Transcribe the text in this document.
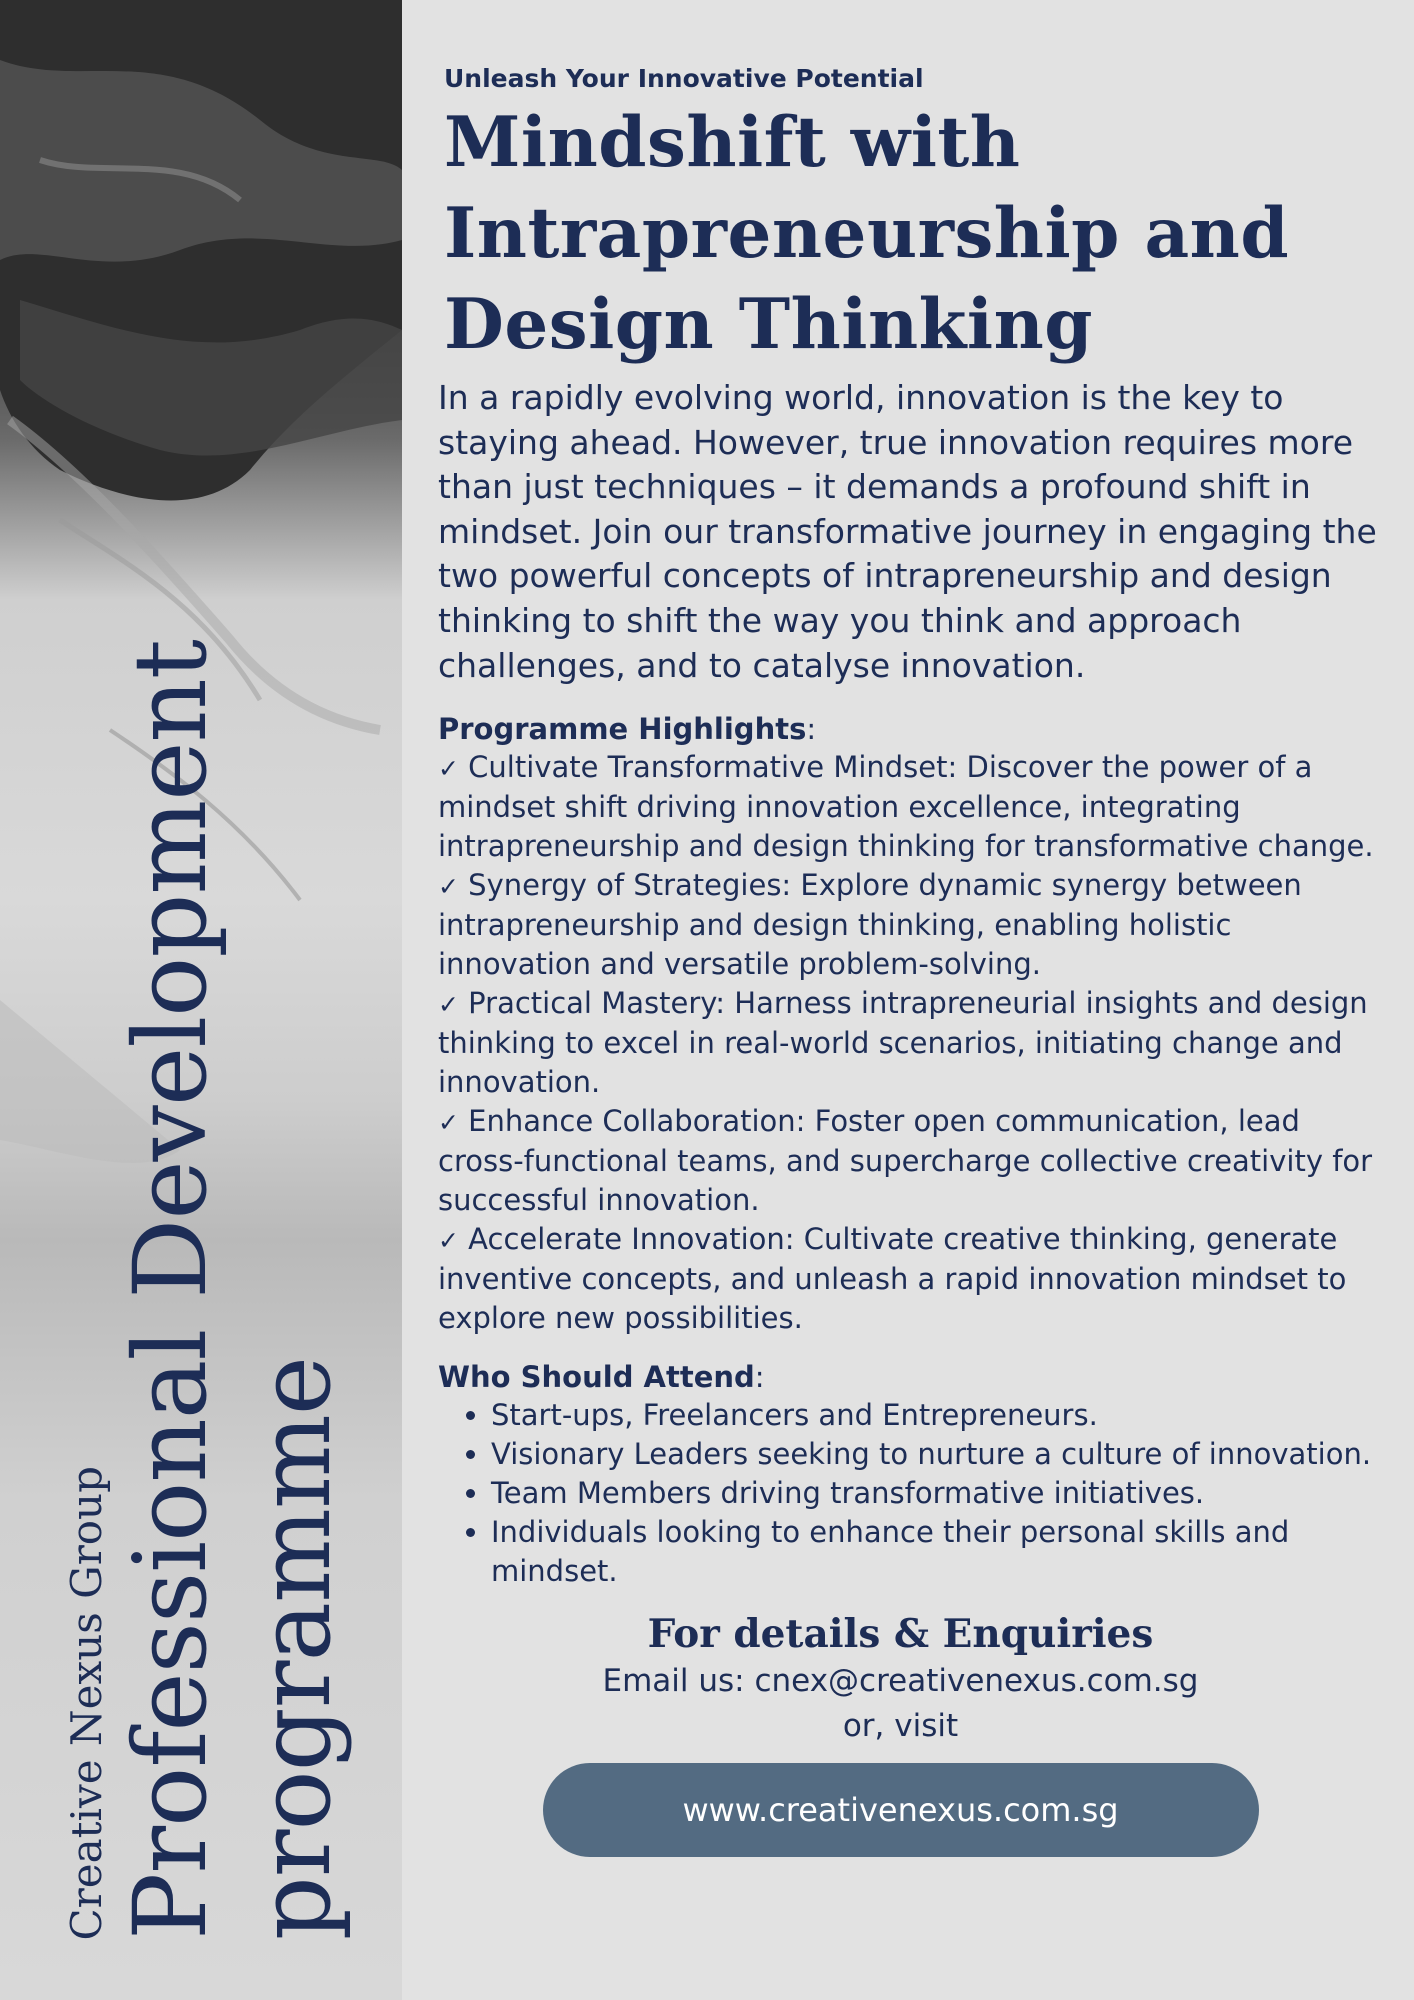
Creative Nexus Group Professional Development programme
Unleash Your Innovative Potential
Mindshift with Intrapreneurship and Design Thinking
In a rapidly evolving world, innovation is the key to staying ahead. However, true innovation requires more than just techniques – it demands a profound shift in mindset. Join our transformative journey in engaging the two powerful concepts of intrapreneurship and design thinking to shift the way you think and approach challenges, and to catalyse innovation.
Programme Highlights:
✓ Cultivate Transformative Mindset: Discover the power of a mindset shift driving innovation excellence, integrating intrapreneurship and design thinking for transformative change.
✓ Synergy of Strategies: Explore dynamic synergy between intrapreneurship and design thinking, enabling holistic innovation and versatile problem-solving.
✓ Practical Mastery: Harness intrapreneurial insights and design thinking to excel in real-world scenarios, initiating change and innovation.
✓ Enhance Collaboration: Foster open communication, lead cross-functional teams, and supercharge collective creativity for successful innovation.
✓ Accelerate Innovation: Cultivate creative thinking, generate inventive concepts, and unleash a rapid innovation mindset to explore new possibilities.
Who Should Attend:
• Start-ups, Freelancers and Entrepreneurs.
• Visionary Leaders seeking to nurture a culture of innovation.
• Team Members driving transformative initiatives.
• Individuals looking to enhance their personal skills and mindset.
For details & Enquiries
Email us: cnex@creativenexus.com.sg
or, visit
www.creativenexus.com.sg
